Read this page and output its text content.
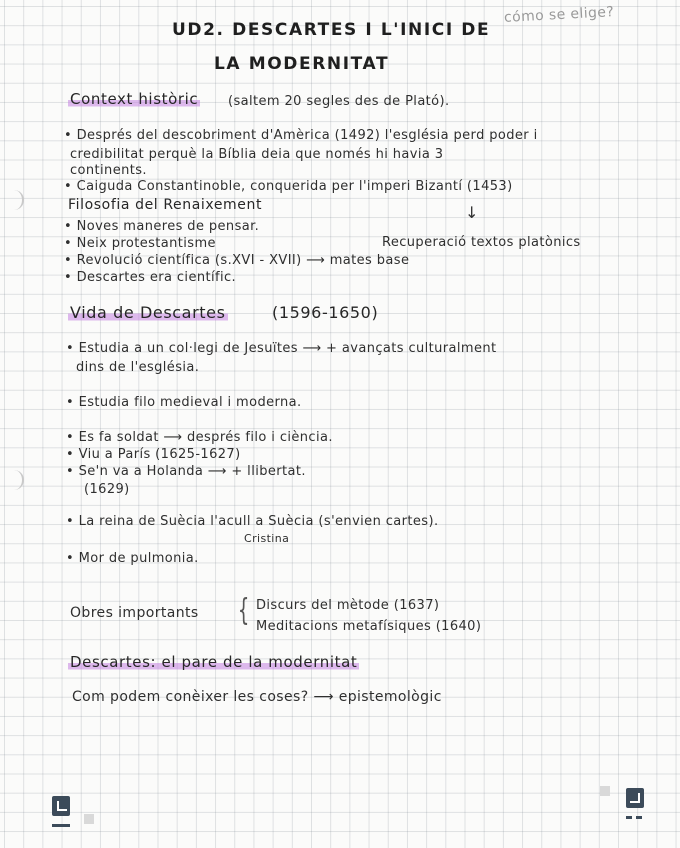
cómo se elige?
UD2. DESCARTES I L'INICI DE
LA MODERNITAT
Context històric (saltem 20 segles des de Plató).
• Després del descobriment d'Amèrica (1492) l'església perd poder i
credibilitat perquè la Bíblia deia que només hi havia 3
continents.
• Caiguda Constantinoble, conquerida per l'imperi Bizantí (1453)
Filosofia del Renaixement	↓
• Noves maneres de pensar.
• Neix protestantisme
• Revolució científica (s.XVI - XVII) ⟶ mates base
• Descartes era científic.
Recuperació textos platònics
Vida de Descartes	(1596-1650)
• Estudia a un col·legi de Jesuïtes ⟶ + avançats culturalment
dins de l'església.
• Estudia filo medieval i moderna.
• Es fa soldat ⟶ després filo i ciència.
• Viu a París (1625-1627)
• Se'n va a Holanda ⟶ + llibertat.
(1629)
• La reina de Suècia l'acull a Suècia (s'envien cartes).
Cristina
• Mor de pulmonia.
Obres importants { Discurs del mètode (1637)
Meditacions metafísiques (1640)
Descartes: el pare de la modernitat
Com podem conèixer les coses? ⟶ epistemològic
